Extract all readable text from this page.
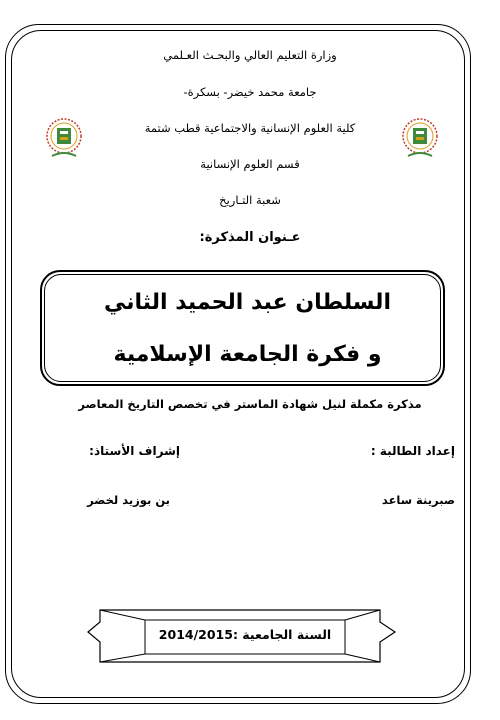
وزارة التعليم العالي والبحـث العـلمي
جامعة محمد خيضر- بسكرة-
كلية العلوم الإنسانية والاجتماعية قطب شتمة
قسم العلوم الإنسانية
شعبة التـاريخ
عـنوان المذكرة:
السلطان عبد الحميد الثاني
و فكرة الجامعة الإسلامية
مذكرة مكملة لنيل شهادة الماستر في تخصص التاريخ المعاصر
إعداد الطالبة :
إشراف الأستاذ:
صبرينة ساعد
بن بوزيد لخضر
السنة الجامعية :2014/2015
